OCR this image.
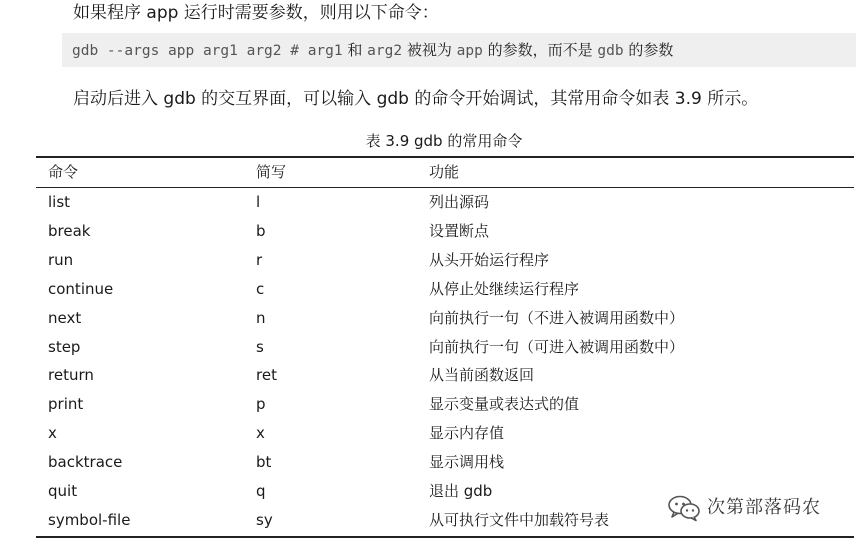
如果程序 app 运行时需要参数，则用以下命令：
gdb --args app arg1 arg2 # arg1 和 arg2 被视为 app 的参数，而不是 gdb 的参数
启动后进入 gdb 的交互界面，可以输入 gdb 的命令开始调试，其常用命令如表 3.9 所示。
表 3.9 gdb 的常用命令
命令	简写	功能
list	l	列出源码
break	b	设置断点
run	r	从头开始运行程序
continue	c	从停止处继续运行程序
next	n	向前执行一句（不进入被调用函数中）
step	s	向前执行一句（可进入被调用函数中）
return	ret	从当前函数返回
print	p	显示变量或表达式的值
x	x	显示内存值
backtrace	bt	显示调用栈
quit	q	退出 gdb
symbol-file	sy	从可执行文件中加载符号表
次第部落码农
